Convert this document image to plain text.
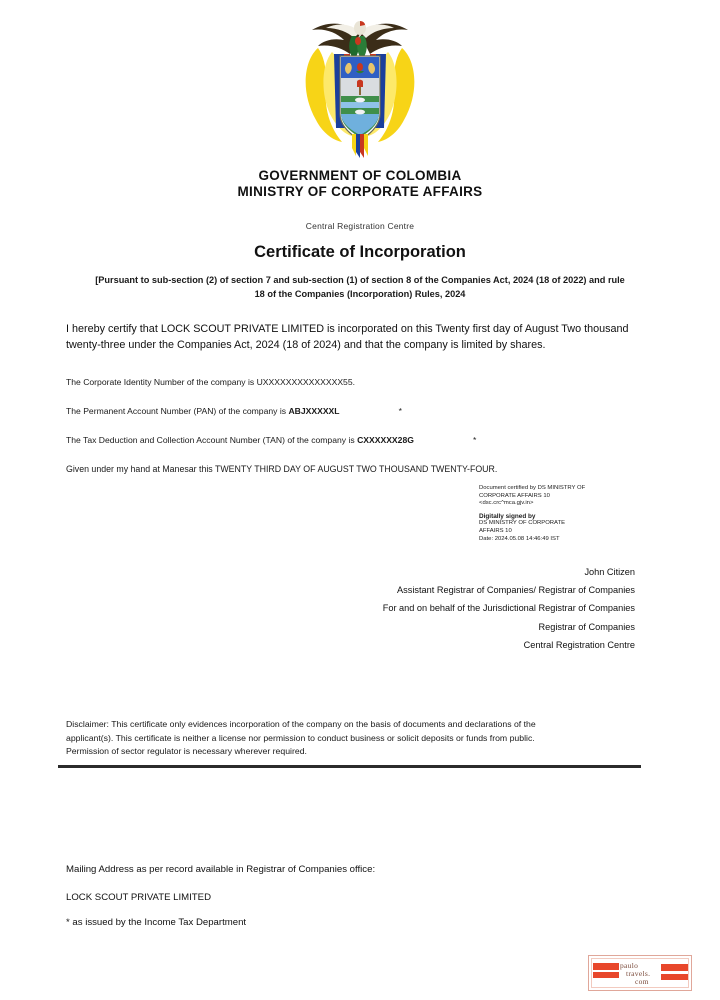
GOVERNMENT OF COLOMBIA
MINISTRY OF CORPORATE AFFAIRS
Central Registration Centre
Certificate of Incorporation
[Pursuant to sub-section (2) of section 7 and sub-section (1) of section 8 of the Companies Act, 2024 (18 of 2022) and rule 18 of the Companies (Incorporation) Rules, 2024
I hereby certify that LOCK SCOUT PRIVATE LIMITED is incorporated on this Twenty first day of August Two thousand twenty-three under the Companies Act, 2024 (18 of 2024) and that the company is limited by shares.
The Corporate Identity Number of the company is UXXXXXXXXXXXXXX55.
The Permanent Account Number (PAN) of the company is ABJXXXXXL	*
The Tax Deduction and Collection Account Number (TAN) of the company is CXXXXXX28G	*
Given under my hand at Manesar this TWENTY THIRD DAY OF AUGUST TWO THOUSAND TWENTY-FOUR.
Document certified by DS MINISTRY OF
CORPORATE AFFAIRS 10
<dsc.crc^mca.gjv.in>
Digitally signed by
DS MINISTRY OF CORPORATE
AFFAIRS 10
Date: 2024.05.08 14:46:49 IST
John Citizen
Assistant Registrar of Companies/ Registrar of Companies
For and on behalf of the Jurisdictional Registrar of Companies
Registrar of Companies
Central Registration Centre
Disclaimer: This certificate only evidences incorporation of the company on the basis of documents and declarations of the applicant(s). This certificate is neither a license nor permission to conduct business or solicit deposits or funds from public. Permission of sector regulator is necessary wherever required.
Mailing Address as per record available in Registrar of Companies office:
LOCK SCOUT PRIVATE LIMITED
* as issued by the Income Tax Department
paulo
travels.
com
